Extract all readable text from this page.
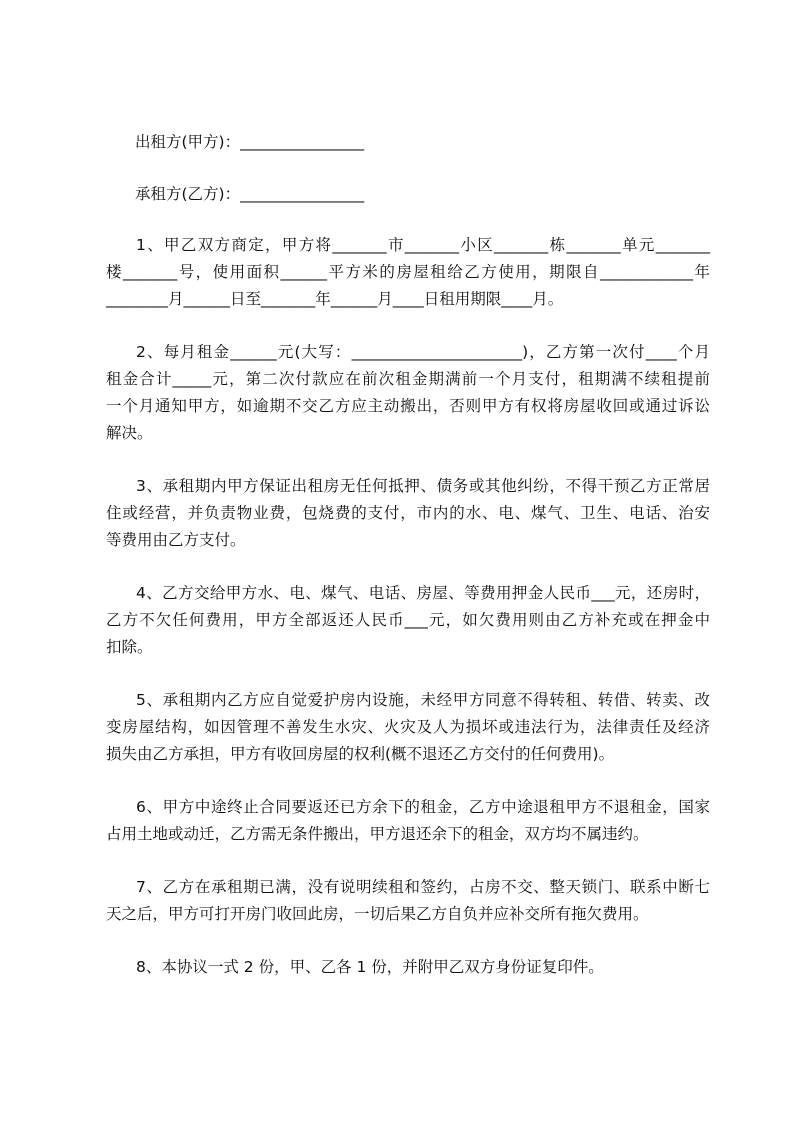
出租方(甲方)：________________
承租方(乙方)：________________
1、甲乙双方商定，甲方将_______市_______小区_______栋_______单元_______
楼_______号，使用面积______平方米的房屋租给乙方使用，期限自____________年
________月______日至_______年______月____日租用期限____月。
2、每月租金______元(大写：______________________)，乙方第一次付____个月
租金合计_____元，第二次付款应在前次租金期满前一个月支付，租期满不续租提前
一个月通知甲方，如逾期不交乙方应主动搬出，否则甲方有权将房屋收回或通过诉讼
解决。
3、承租期内甲方保证出租房无任何抵押、债务或其他纠纷，不得干预乙方正常居
住或经营，并负责物业费，包烧费的支付，市内的水、电、煤气、卫生、电话、治安
等费用由乙方支付。
4、乙方交给甲方水、电、煤气、电话、房屋、等费用押金人民币___元，还房时，
乙方不欠任何费用，甲方全部返还人民币___元，如欠费用则由乙方补充或在押金中
扣除。
5、承租期内乙方应自觉爱护房内设施，未经甲方同意不得转租、转借、转卖、改
变房屋结构，如因管理不善发生水灾、火灾及人为损坏或违法行为，法律责任及经济
损失由乙方承担，甲方有收回房屋的权利(概不退还乙方交付的任何费用)。
6、甲方中途终止合同要返还已方余下的租金，乙方中途退租甲方不退租金，国家
占用土地或动迁，乙方需无条件搬出，甲方退还余下的租金，双方均不属违约。
7、乙方在承租期已满，没有说明续租和签约，占房不交、整天锁门、联系中断七
天之后，甲方可打开房门收回此房，一切后果乙方自负并应补交所有拖欠费用。
8、本协议一式 2 份，甲、乙各 1 份，并附甲乙双方身份证复印件。
